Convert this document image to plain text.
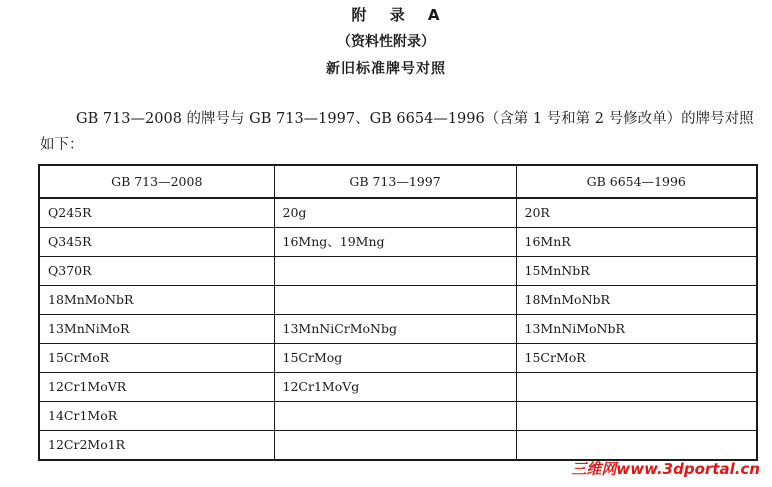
附 录 A
（资料性附录）
新旧标准牌号对照
GB 713—2008 的牌号与 GB 713—1997、GB 6654—1996（含第 1 号和第 2 号修改单）的牌号对照
如下：
GB 713—2008	GB 713—1997	GB 6654—1996
Q245R	20g	20R
Q345R	16Mng、19Mng	16MnR
Q370R		15MnNbR
18MnMoNbR		18MnMoNbR
13MnNiMoR	13MnNiCrMoNbg	13MnNiMoNbR
15CrMoR	15CrMog	15CrMoR
12Cr1MoVR	12Cr1MoVg	
14Cr1MoR		
12Cr2Mo1R		
三维网www.3dportal.cn
